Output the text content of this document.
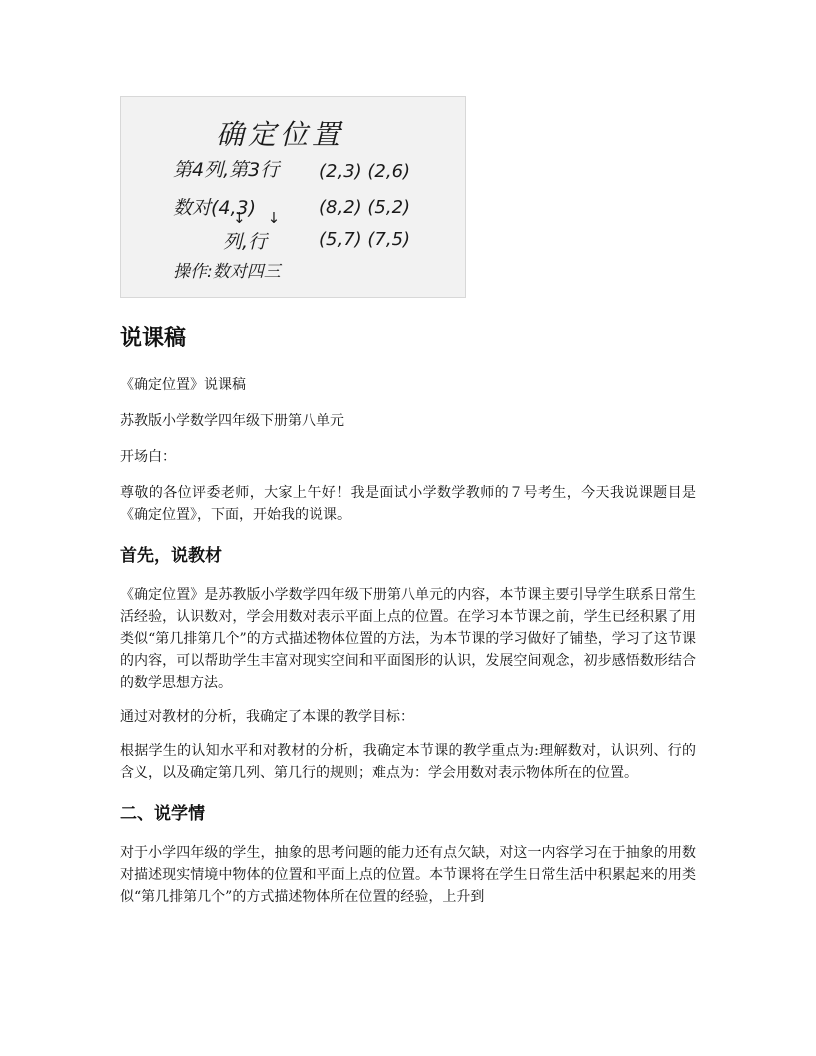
确定位置
第4列,第3行
数对(4,3)
↓↓
列,行
操作:数对四三
(2,3) (2,6)
(8,2) (5,2)
(5,7) (7,5)
说课稿

《确定位置》说课稿

苏教版小学数学四年级下册第八单元

开场白：

尊敬的各位评委老师，大家上午好！我是面试小学数学教师的７号考生，今天我说课题目是《确定位置》，下面，开始我的说课。

首先，说教材

《确定位置》是苏教版小学数学四年级下册第八单元的内容，本节课主要引导学生联系日常生活经验，认识数对，学会用数对表示平面上点的位置。在学习本节课之前，学生已经积累了用类似“第几排第几个”的方式描述物体位置的方法，为本节课的学习做好了铺垫，学习了这节课的内容，可以帮助学生丰富对现实空间和平面图形的认识，发展空间观念，初步感悟数形结合的数学思想方法。

通过对教材的分析，我确定了本课的教学目标：

根据学生的认知水平和对教材的分析，我确定本节课的教学重点为:理解数对，认识列、行的含义，以及确定第几列、第几行的规则；难点为：学会用数对表示物体所在的位置。

二、说学情

对于小学四年级的学生，抽象的思考问题的能力还有点欠缺，对这一内容学习在于抽象的用数对描述现实情境中物体的位置和平面上点的位置。本节课将在学生日常生活中积累起来的用类似“第几排第几个”的方式描述物体所在位置的经验，上升到
